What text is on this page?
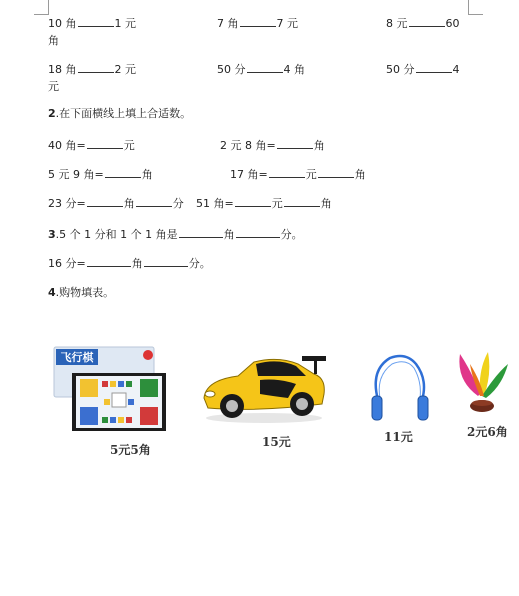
10 角	1 元	7 角	7 元	8 元	60
角
18 角	2 元	50 分	4 角	50 分	4
元
2.在下面横线上填上合适数。
40 角=	元	2 元 8 角=	角
5 元 9 角=	角	17 角=	元	角
23 分=	角	分 51 角=	元	角
3.5 个 1 分和 1 个 1 角是	角	分。
16 分=	角	分。
4.购物填表。
飞行棋
5元5角
15元	11元	2元6角
